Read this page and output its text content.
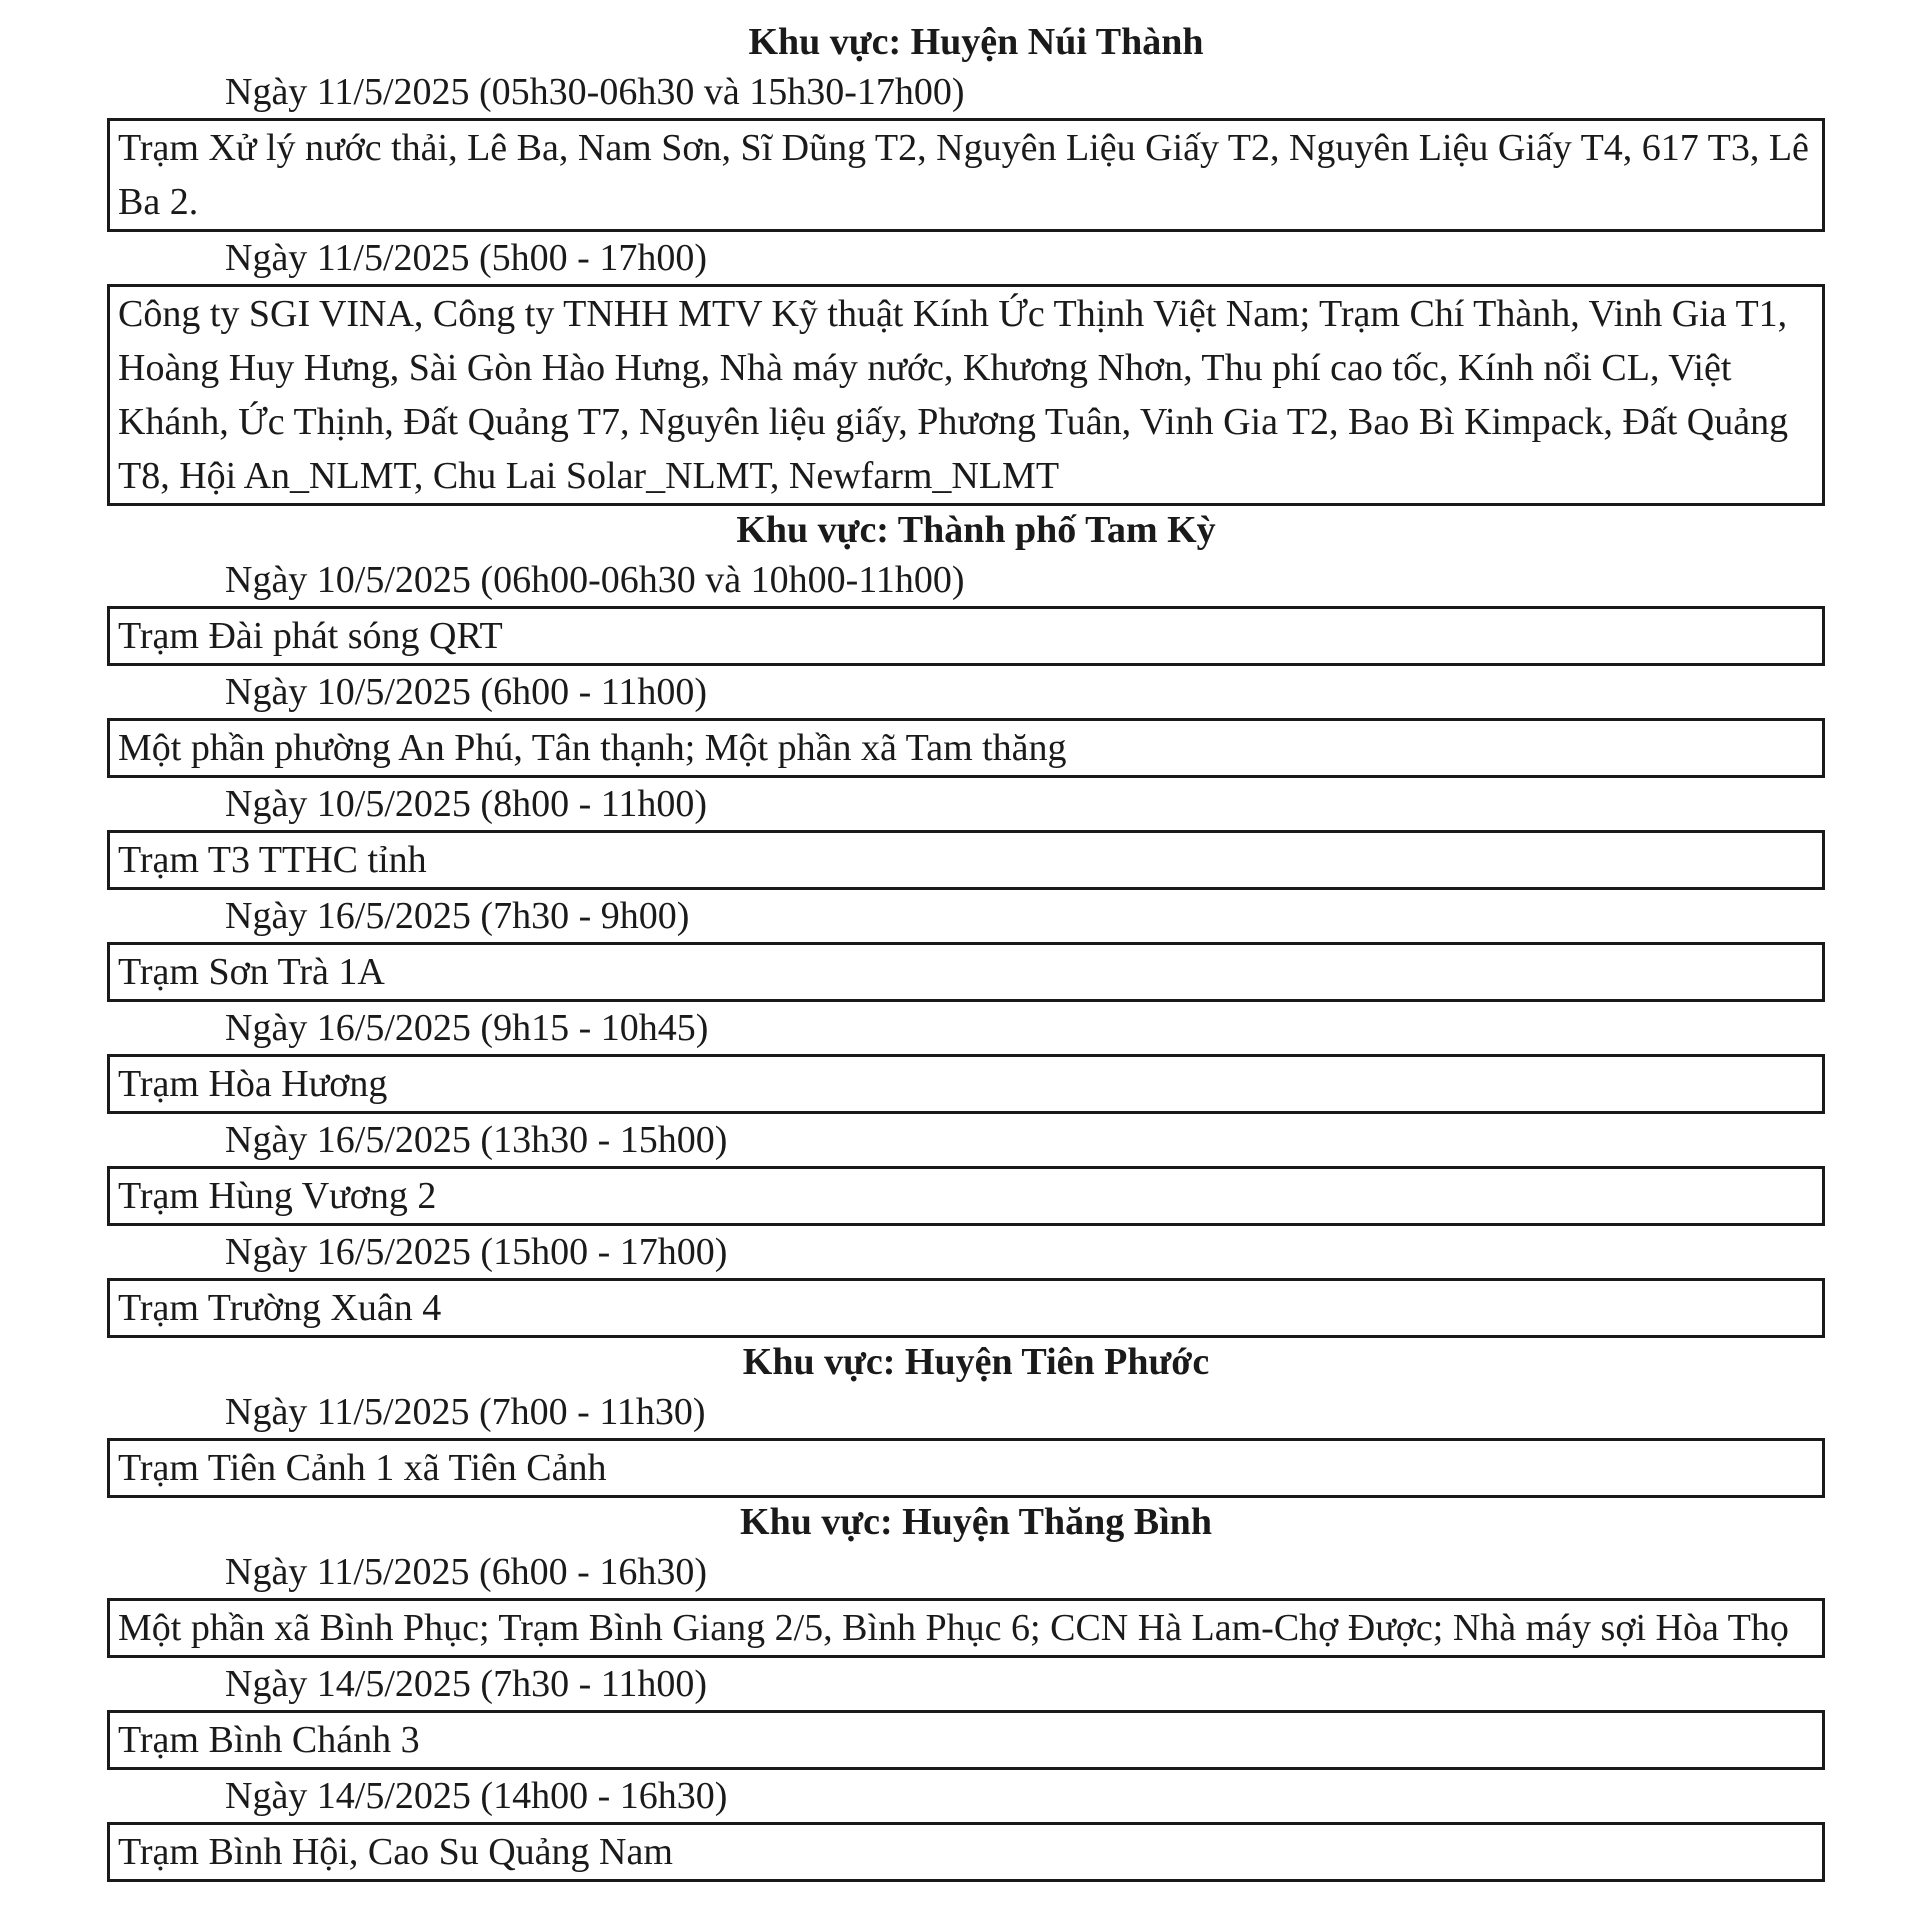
Khu vực: Huyện Núi Thành
Ngày 11/5/2025 (05h30-06h30 và 15h30-17h00)
Trạm Xử lý nước thải, Lê Ba, Nam Sơn, Sĩ Dũng T2, Nguyên Liệu Giấy T2, Nguyên Liệu Giấy T4, 617 T3, Lê Ba 2.
Ngày 11/5/2025 (5h00 - 17h00)
Công ty SGI VINA, Công ty TNHH MTV Kỹ thuật Kính Ức Thịnh Việt Nam; Trạm Chí Thành, Vinh Gia T1, Hoàng Huy Hưng, Sài Gòn Hào Hưng, Nhà máy nước, Khương Nhơn, Thu phí cao tốc, Kính nổi CL, Việt Khánh, Ức Thịnh, Đất Quảng T7, Nguyên liệu giấy, Phương Tuân, Vinh Gia T2, Bao Bì Kimpack, Đất Quảng T8, Hội An_NLMT, Chu Lai Solar_NLMT, Newfarm_NLMT
Khu vực: Thành phố Tam Kỳ
Ngày 10/5/2025 (06h00-06h30 và 10h00-11h00)
Trạm Đài phát sóng QRT
Ngày 10/5/2025 (6h00 - 11h00)
Một phần phường An Phú, Tân thạnh; Một phần xã Tam thăng
Ngày 10/5/2025 (8h00 - 11h00)
Trạm T3 TTHC tỉnh
Ngày 16/5/2025 (7h30 - 9h00)
Trạm Sơn Trà 1A
Ngày 16/5/2025 (9h15 - 10h45)
Trạm Hòa Hương
Ngày 16/5/2025 (13h30 - 15h00)
Trạm Hùng Vương 2
Ngày 16/5/2025 (15h00 - 17h00)
Trạm Trường Xuân 4
Khu vực: Huyện Tiên Phước
Ngày 11/5/2025 (7h00 - 11h30)
Trạm Tiên Cảnh 1 xã Tiên Cảnh
Khu vực: Huyện Thăng Bình
Ngày 11/5/2025 (6h00 - 16h30)
Một phần xã Bình Phục; Trạm Bình Giang 2/5, Bình Phục 6; CCN Hà Lam-Chợ Được; Nhà máy sợi Hòa Thọ
Ngày 14/5/2025 (7h30 - 11h00)
Trạm Bình Chánh 3
Ngày 14/5/2025 (14h00 - 16h30)
Trạm Bình Hội, Cao Su Quảng Nam
